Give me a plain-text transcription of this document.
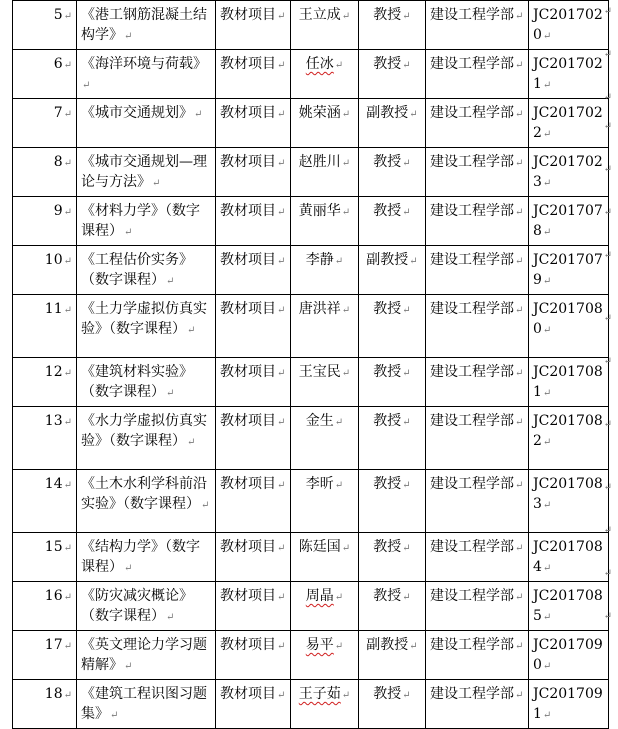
5↵	《港工钢筋混凝土结构学》↵	教材项目↵	王立成↵	教授↵	建设工程学部↵	JC2017020↵
6↵	《海洋环境与荷载》↵	教材项目↵	任冰↵	教授↵	建设工程学部↵	JC2017021↵
7↵	《城市交通规划》↵	教材项目↵	姚荣涵↵	副教授↵	建设工程学部↵	JC2017022↵
8↵	《城市交通规划—理论与方法》↵	教材项目↵	赵胜川↵	教授↵	建设工程学部↵	JC2017023↵
9↵	《材料力学》（数字课程）↵	教材项目↵	黄丽华↵	教授↵	建设工程学部↵	JC2017078↵
10↵	《工程估价实务》（数字课程）↵	教材项目↵	李静↵	副教授↵	建设工程学部↵	JC2017079↵
11↵	《土力学虚拟仿真实验》（数字课程）↵	教材项目↵	唐洪祥↵	教授↵	建设工程学部↵	JC2017080↵
12↵	《建筑材料实验》（数字课程）↵	教材项目↵	王宝民↵	教授↵	建设工程学部↵	JC2017081↵
13↵	《水力学虚拟仿真实验》（数字课程）↵	教材项目↵	金生↵	教授↵	建设工程学部↵	JC2017082↵
14↵	《土木水利学科前沿实验》（数字课程）↵	教材项目↵	李昕↵	教授↵	建设工程学部↵	JC2017083↵
15↵	《结构力学》（数字课程）↵	教材项目↵	陈廷国↵	教授↵	建设工程学部↵	JC2017084↵
16↵	《防灾减灾概论》（数字课程）↵	教材项目↵	周晶↵	教授↵	建设工程学部↵	JC2017085↵
17↵	《英文理论力学习题精解》↵	教材项目↵	易平↵	副教授↵	建设工程学部↵	JC2017090↵
18↵	《建筑工程识图习题集》↵	教材项目↵	王子茹↵	教授↵	建设工程学部↵	JC2017091↵
↵
↵
↵
↵
↵
↵
↵
↵
↵
↵
↵
↵
↵
↵
